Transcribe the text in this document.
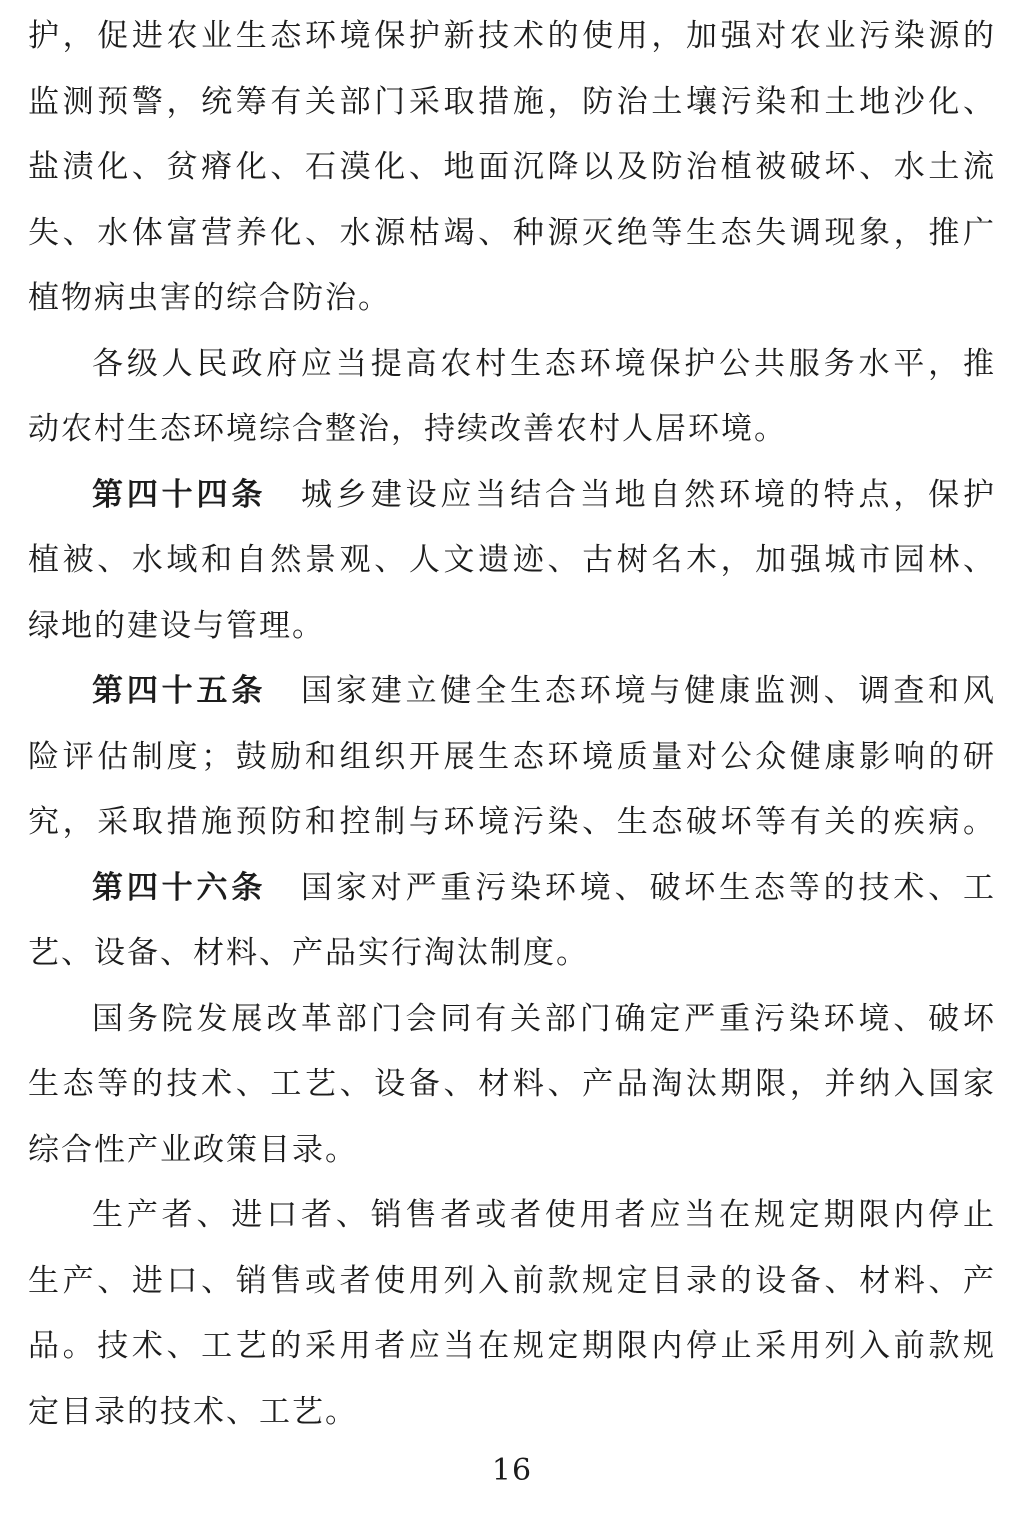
护，促进农业生态环境保护新技术的使用，加强对农业污染源的
监测预警，统筹有关部门采取措施，防治土壤污染和土地沙化、
盐渍化、贫瘠化、石漠化、地面沉降以及防治植被破坏、水土流
失、水体富营养化、水源枯竭、种源灭绝等生态失调现象，推广
植物病虫害的综合防治。
各级人民政府应当提高农村生态环境保护公共服务水平，推
动农村生态环境综合整治，持续改善农村人居环境。
第四十四条　城乡建设应当结合当地自然环境的特点，保护
植被、水域和自然景观、人文遗迹、古树名木，加强城市园林、
绿地的建设与管理。
第四十五条　国家建立健全生态环境与健康监测、调查和风
险评估制度；鼓励和组织开展生态环境质量对公众健康影响的研
究，采取措施预防和控制与环境污染、生态破坏等有关的疾病。
第四十六条　国家对严重污染环境、破坏生态等的技术、工
艺、设备、材料、产品实行淘汰制度。
国务院发展改革部门会同有关部门确定严重污染环境、破坏
生态等的技术、工艺、设备、材料、产品淘汰期限，并纳入国家
综合性产业政策目录。
生产者、进口者、销售者或者使用者应当在规定期限内停止
生产、进口、销售或者使用列入前款规定目录的设备、材料、产
品。技术、工艺的采用者应当在规定期限内停止采用列入前款规
定目录的技术、工艺。
16
